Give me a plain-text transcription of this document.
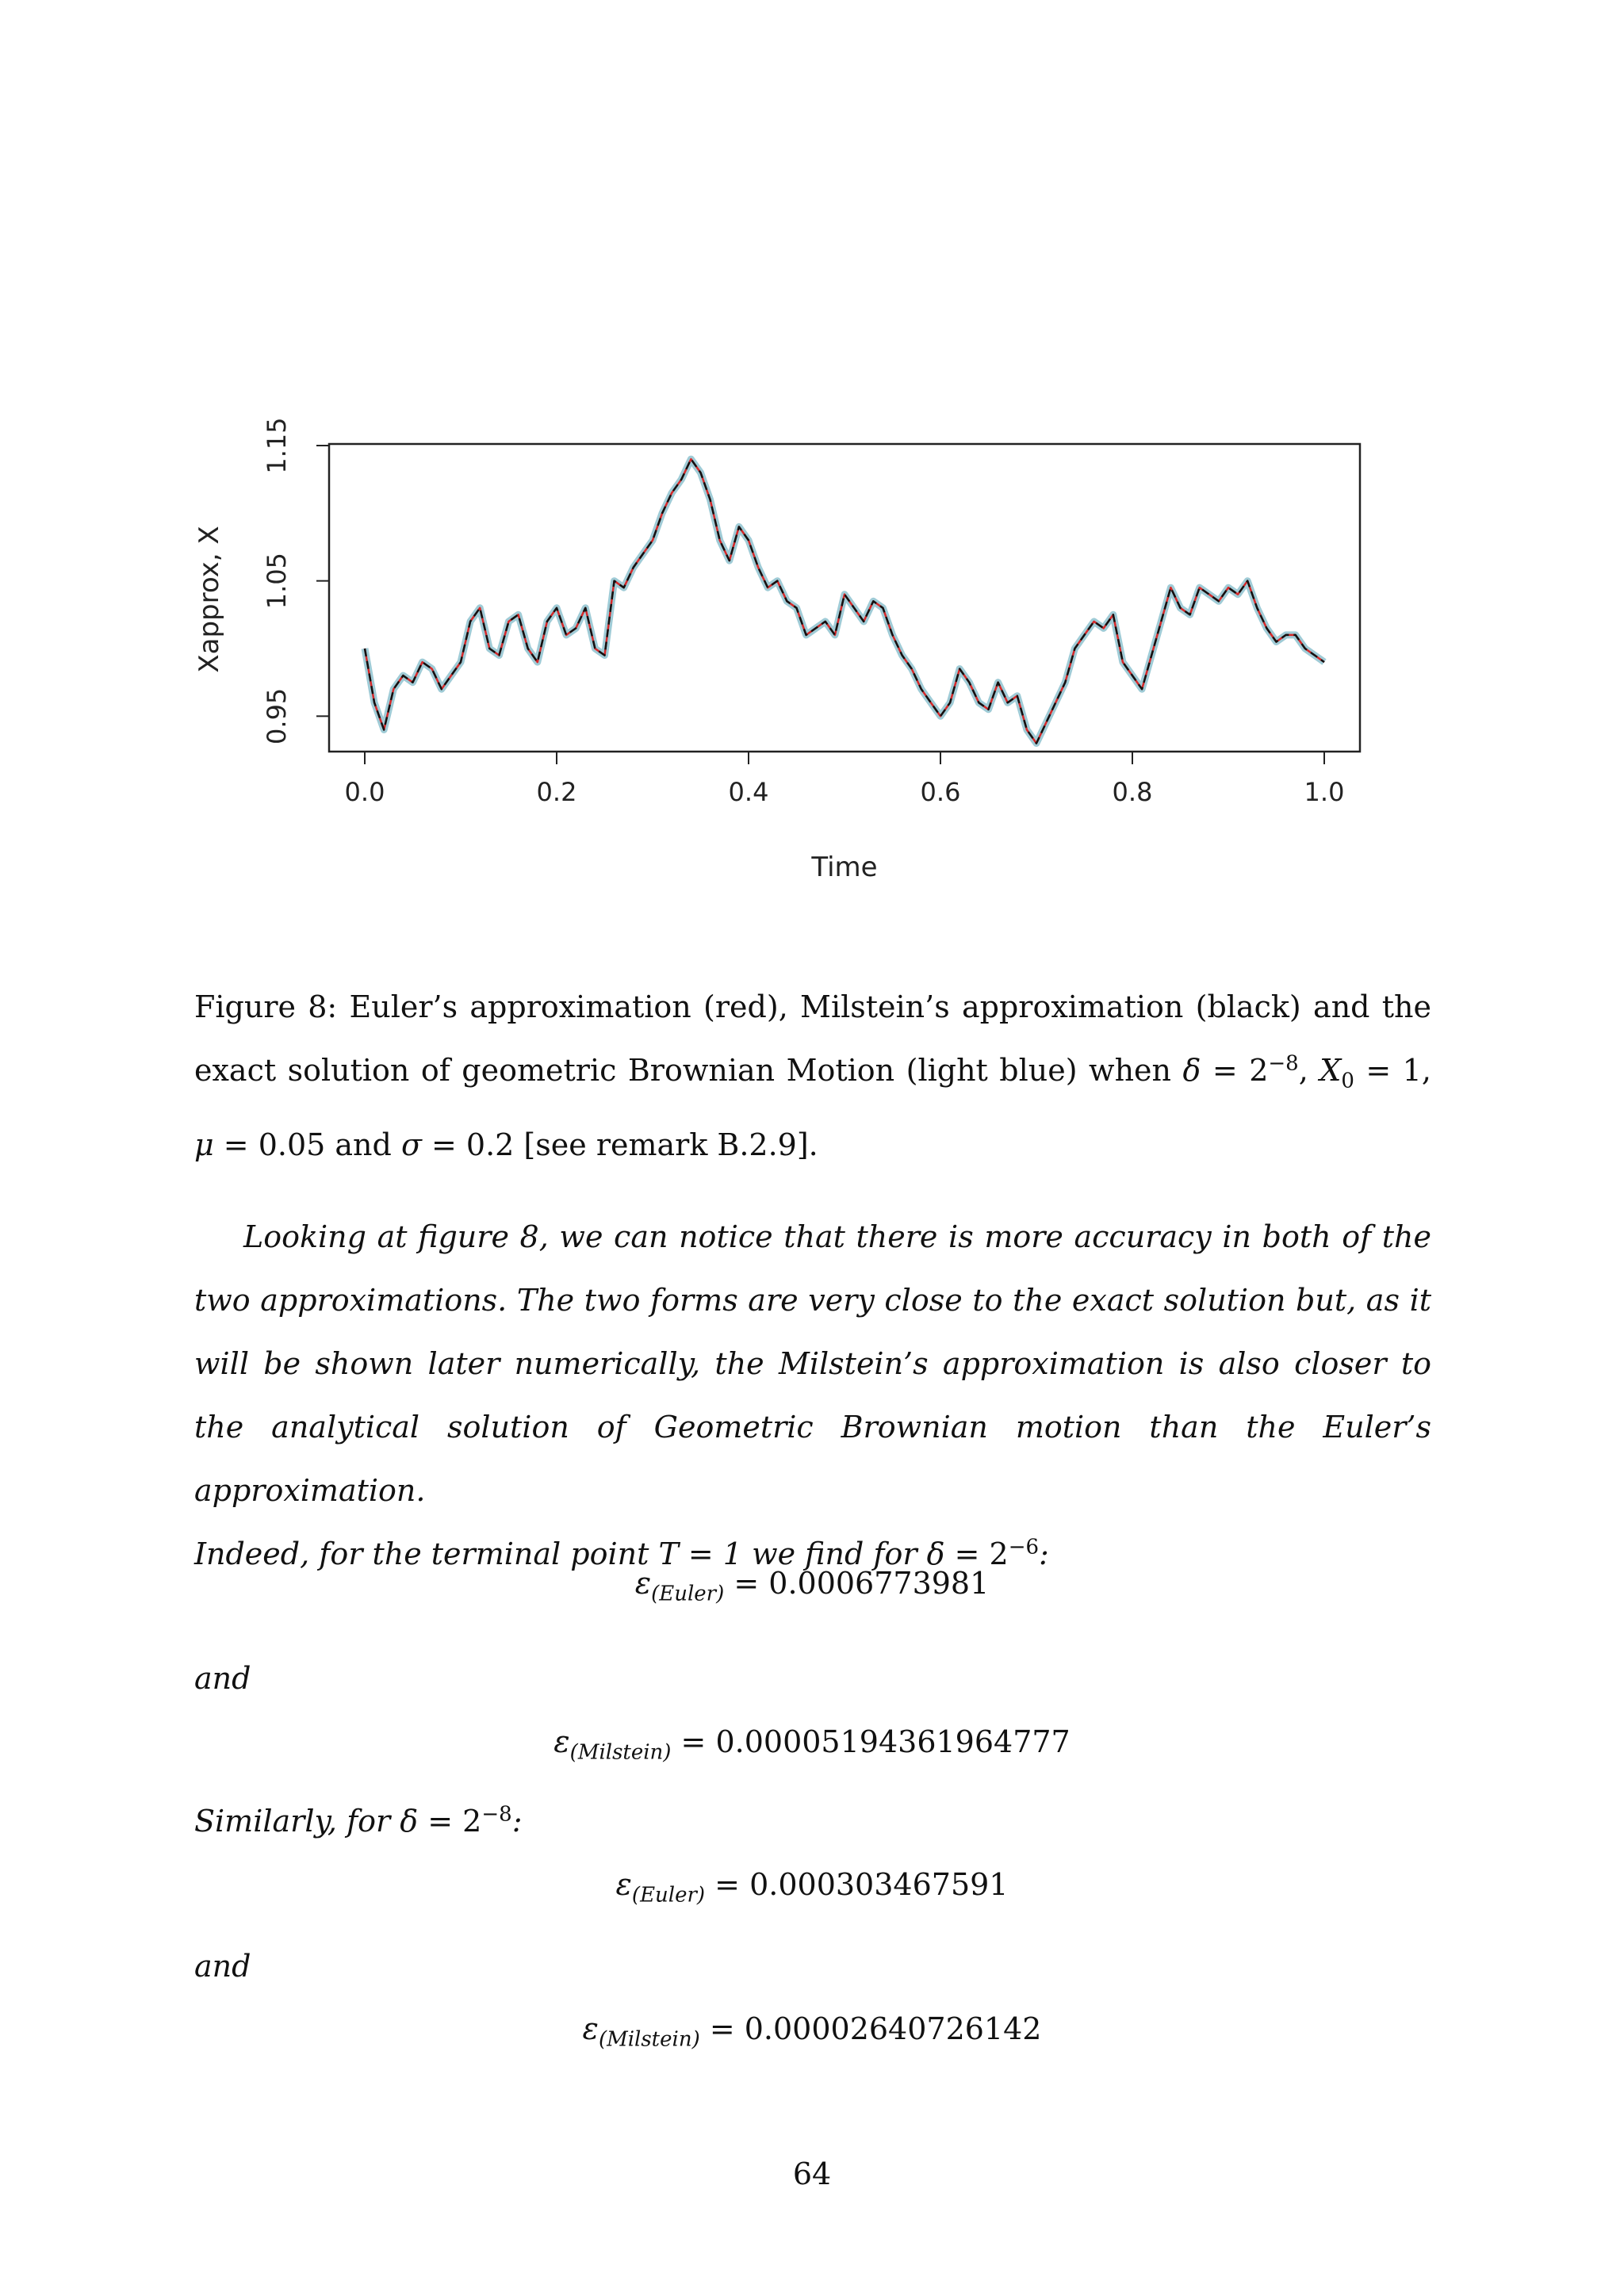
0.0	0.2	0.4	0.6	0.8	1.0
0.95
1.05
1.15
Time
Xapprox, X
Figure 8: Euler’s approximation (red), Milstein’s approximation (black) and the exact solution of geometric Brownian Motion (light blue) when $\delta = 2^{-8}$, $X_0 = 1$, μ = 0.05 and σ = 0.2 [see remark B.2.9].

Looking at figure 8, we can notice that there is more accuracy in both of the two approximations. The two forms are very close to the exact solution but, as it will be shown later numerically, the Milstein’s approximation is also closer to the analytical solution of Geometric Brownian motion than the Euler’s approximation.

Indeed, for the terminal point T = 1 we find for $\delta = 2^{-6}$:

$\varepsilon_{(Euler)} = 0.0006773981$
and
$\varepsilon_{(Milstein)} = 0.00005194361964777$
Similarly, for $\delta = 2^{-8}$:
$\varepsilon_{(Euler)} = 0.000303467591$
and
$\varepsilon_{(Milstein)} = 0.00002640726142$
64
